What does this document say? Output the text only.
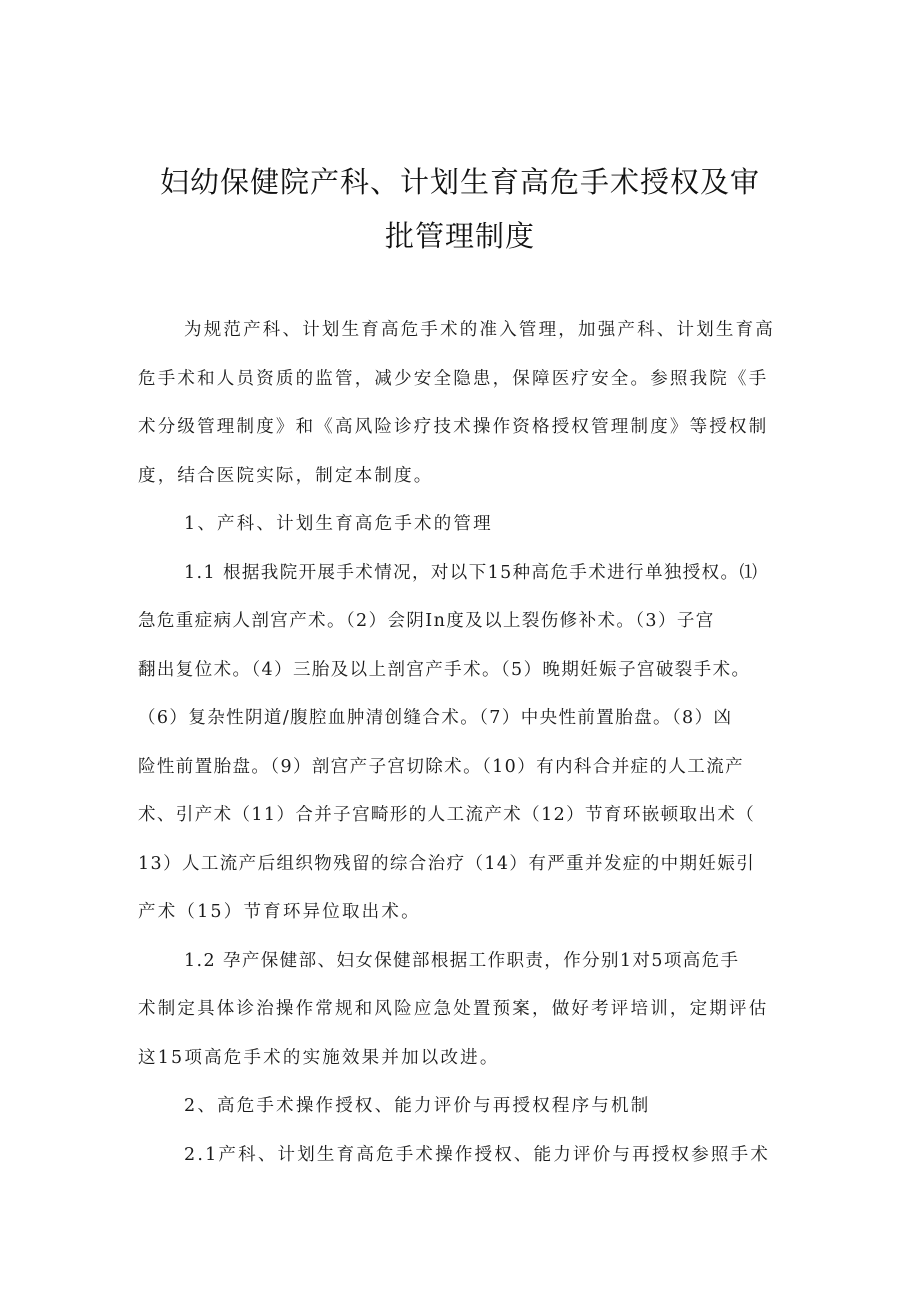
妇幼保健院产科、计划生育高危手术授权及审
批管理制度
为规范产科、计划生育高危手术的准入管理，加强产科、计划生育高
危手术和人员资质的监管，减少安全隐患，保障医疗安全。参照我院《手
术分级管理制度》和《高风险诊疗技术操作资格授权管理制度》等授权制
度，结合医院实际，制定本制度。
1、产科、计划生育高危手术的管理
1.1 根据我院开展手术情况，对以下15种高危手术进行单独授权。⑴
急危重症病人剖宫产术。（2）会阴In度及以上裂伤修补术。（3）子宫
翻出复位术。（4）三胎及以上剖宫产手术。（5）晚期妊娠子宫破裂手术。
（6）复杂性阴道/腹腔血肿清创缝合术。（7）中央性前置胎盘。（8）凶
险性前置胎盘。（9）剖宫产子宫切除术。（10）有内科合并症的人工流产
术、引产术（11）合并子宫畸形的人工流产术（12）节育环嵌顿取出术（
13）人工流产后组织物残留的综合治疗（14）有严重并发症的中期妊娠引
产术（15）节育环异位取出术。
1.2 孕产保健部、妇女保健部根据工作职责，作分别1对5项高危手
术制定具体诊治操作常规和风险应急处置预案，做好考评培训，定期评估
这15项高危手术的实施效果并加以改进。
2、高危手术操作授权、能力评价与再授权程序与机制
2.1产科、计划生育高危手术操作授权、能力评价与再授权参照手术
